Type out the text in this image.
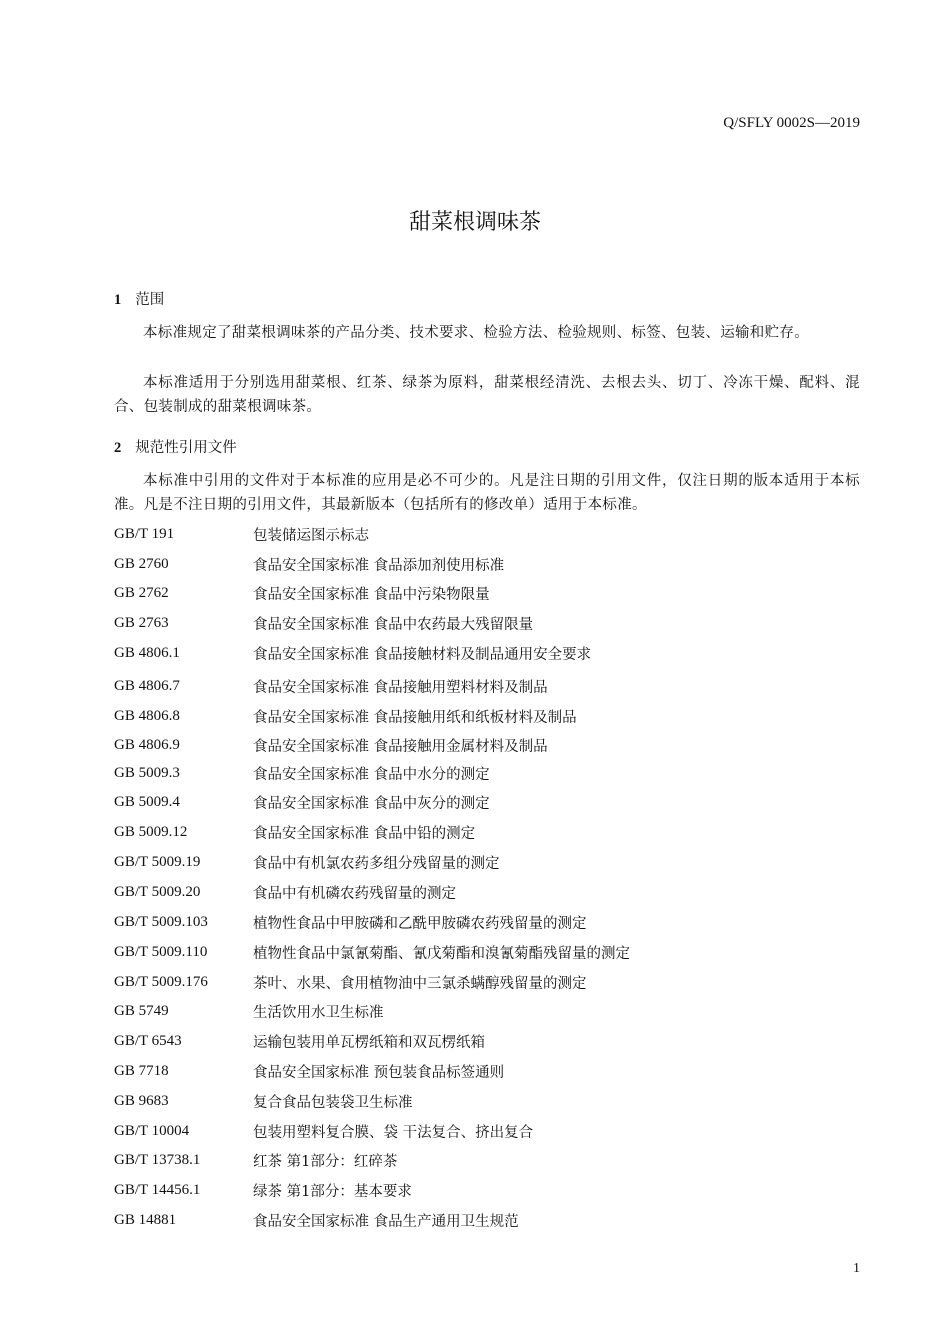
Q/SFLY 0002S—2019
甜菜根调味茶
1 范围

本标准规定了甜菜根调味茶的产品分类、技术要求、检验方法、检验规则、标签、包装、运输和贮存。

本标准适用于分别选用甜菜根、红茶、绿茶为原料，甜菜根经清洗、去根去头、切丁、冷冻干燥、配料、混合、包装制成的甜菜根调味茶。

2 规范性引用文件

本标准中引用的文件对于本标准的应用是必不可少的。凡是注日期的引用文件，仅注日期的版本适用于本标准。凡是不注日期的引用文件，其最新版本（包括所有的修改单）适用于本标准。

GB/T 191	包装储运图示标志
GB 2760	食品安全国家标准 食品添加剂使用标准
GB 2762	食品安全国家标准 食品中污染物限量
GB 2763	食品安全国家标准 食品中农药最大残留限量
GB 4806.1	食品安全国家标准 食品接触材料及制品通用安全要求
GB 4806.7	食品安全国家标准 食品接触用塑料材料及制品
GB 4806.8	食品安全国家标准 食品接触用纸和纸板材料及制品
GB 4806.9	食品安全国家标准 食品接触用金属材料及制品
GB 5009.3	食品安全国家标准 食品中水分的测定
GB 5009.4	食品安全国家标准 食品中灰分的测定
GB 5009.12	食品安全国家标准 食品中铅的测定
GB/T 5009.19	食品中有机氯农药多组分残留量的测定
GB/T 5009.20	食品中有机磷农药残留量的测定
GB/T 5009.103	植物性食品中甲胺磷和乙酰甲胺磷农药残留量的测定
GB/T 5009.110	植物性食品中氯氰菊酯、氰戊菊酯和溴氰菊酯残留量的测定
GB/T 5009.176	茶叶、水果、食用植物油中三氯杀螨醇残留量的测定
GB 5749	生活饮用水卫生标准
GB/T 6543	运输包装用单瓦楞纸箱和双瓦楞纸箱
GB 7718	食品安全国家标准 预包装食品标签通则
GB 9683	复合食品包装袋卫生标准
GB/T 10004	包装用塑料复合膜、袋 干法复合、挤出复合
GB/T 13738.1	红茶 第1部分：红碎茶
GB/T 14456.1	绿茶 第1部分：基本要求
GB 14881	食品安全国家标准 食品生产通用卫生规范
1
